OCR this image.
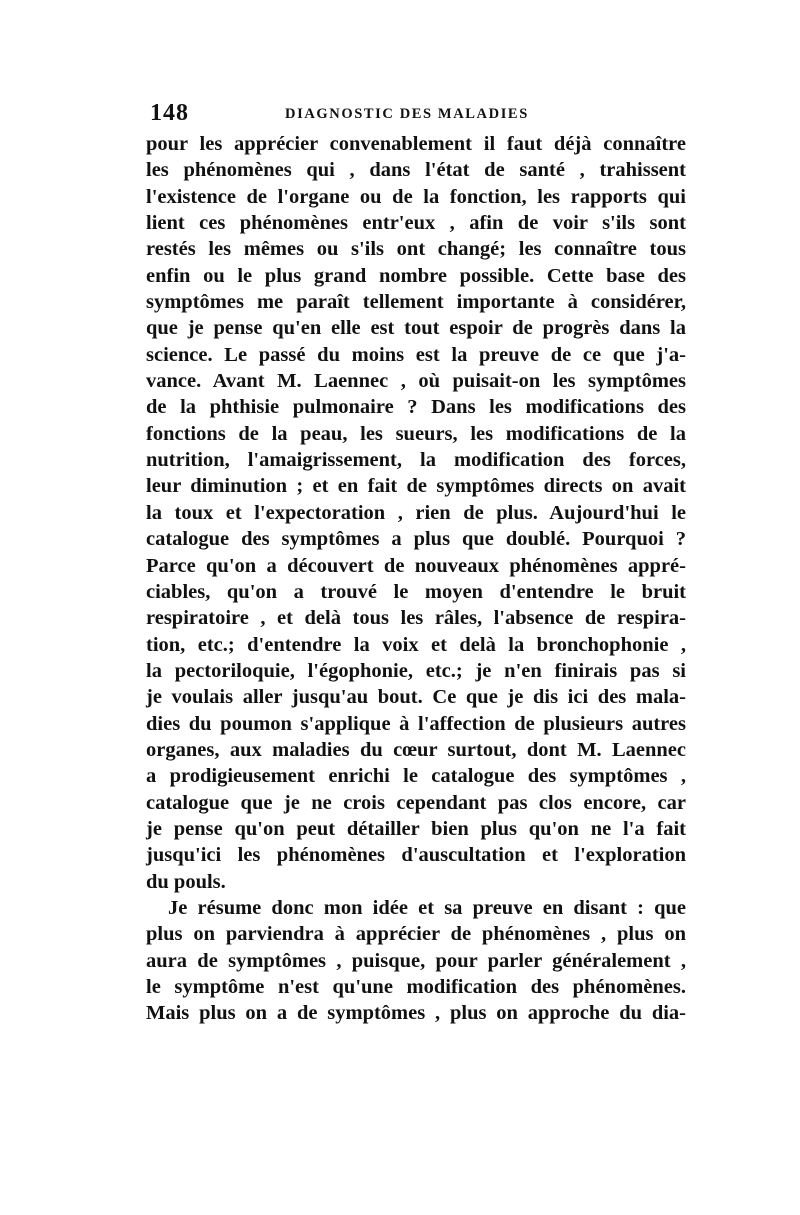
148	DIAGNOSTIC DES MALADIES
pour les apprécier convenablement il faut déjà connaître
les phénomènes qui , dans l'état de santé , trahissent
l'existence de l'organe ou de la fonction, les rapports qui
lient ces phénomènes entr'eux , afin de voir s'ils sont
restés les mêmes ou s'ils ont changé; les connaître tous
enfin ou le plus grand nombre possible. Cette base des
symptômes me paraît tellement importante à considérer,
que je pense qu'en elle est tout espoir de progrès dans la
science. Le passé du moins est la preuve de ce que j'a-
vance. Avant M. Laennec , où puisait-on les symptômes
de la phthisie pulmonaire ? Dans les modifications des
fonctions de la peau, les sueurs, les modifications de la
nutrition, l'amaigrissement, la modification des forces,
leur diminution ; et en fait de symptômes directs on avait
la toux et l'expectoration , rien de plus. Aujourd'hui le
catalogue des symptômes a plus que doublé. Pourquoi ?
Parce qu'on a découvert de nouveaux phénomènes appré-
ciables, qu'on a trouvé le moyen d'entendre le bruit
respiratoire , et delà tous les râles, l'absence de respira-
tion, etc.; d'entendre la voix et delà la bronchophonie ,
la pectoriloquie, l'égophonie, etc.; je n'en finirais pas si
je voulais aller jusqu'au bout. Ce que je dis ici des mala-
dies du poumon s'applique à l'affection de plusieurs autres
organes, aux maladies du cœur surtout, dont M. Laennec
a prodigieusement enrichi le catalogue des symptômes ,
catalogue que je ne crois cependant pas clos encore, car
je pense qu'on peut détailler bien plus qu'on ne l'a fait
jusqu'ici les phénomènes d'auscultation et l'exploration
du pouls.
Je résume donc mon idée et sa preuve en disant : que
plus on parviendra à apprécier de phénomènes , plus on
aura de symptômes , puisque, pour parler généralement ,
le symptôme n'est qu'une modification des phénomènes.
Mais plus on a de symptômes , plus on approche du dia-
